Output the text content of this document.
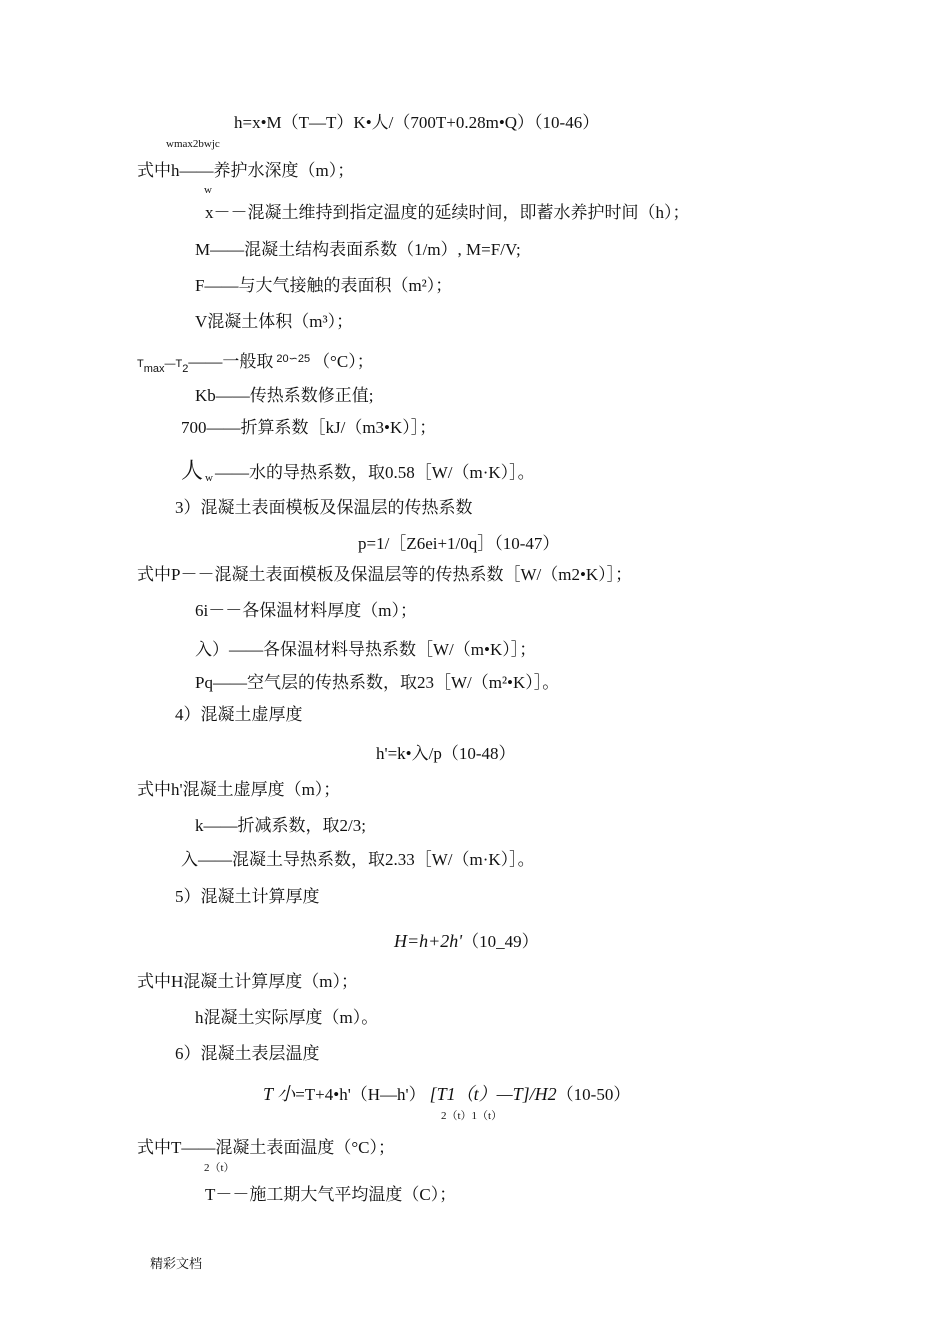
h=x•M（T—T）K•人/（700T+0.28m•Q）（10-46）
wmax2bwjc
式中h——养护水深度（m）；
w
x－－混凝土维持到指定温度的延续时间，即蓄水养护时间（h）；
M——混凝土结构表面系数（1/m）, M=F/V;
F——与大气接触的表面积（m²）；
V混凝土体积（m³）；
$T_{max}—T_2——$一般取 $^{20∽25}$ （°C）；
Kb——传热系数修正值;
700——折算系数［kJ/（m3•K）］；
人w ——水的导热系数，取0.58［W/（m·K）］。
3）混凝土表面模板及保温层的传热系数
p=1/［Z6ei+1/0q］（10-47）
式中P－－混凝土表面模板及保温层等的传热系数［W/（m2•K）］；
6i－－各保温材料厚度（m）；
入）——各保温材料导热系数［W/（m•K）］；
Pq——空气层的传热系数，取23［W/（m²•K）］。
4）混凝土虚厚度
h'=k•入/p（10-48）
式中h'混凝土虚厚度（m）；
k——折减系数，取2/3;
入——混凝土导热系数，取2.33［W/（m·K）］。
5）混凝土计算厚度
H=h+2h'（10_49）
式中H混凝土计算厚度（m）；
h混凝土实际厚度（m）。
6）混凝土表层温度
T 小=T+4•h'（H—h'） [T1（t）—T]/H2（10-50）
2（t）1（t）
式中T——混凝土表面温度（°C）；
2（t）
T－－施工期大气平均温度（C）；
精彩文档
